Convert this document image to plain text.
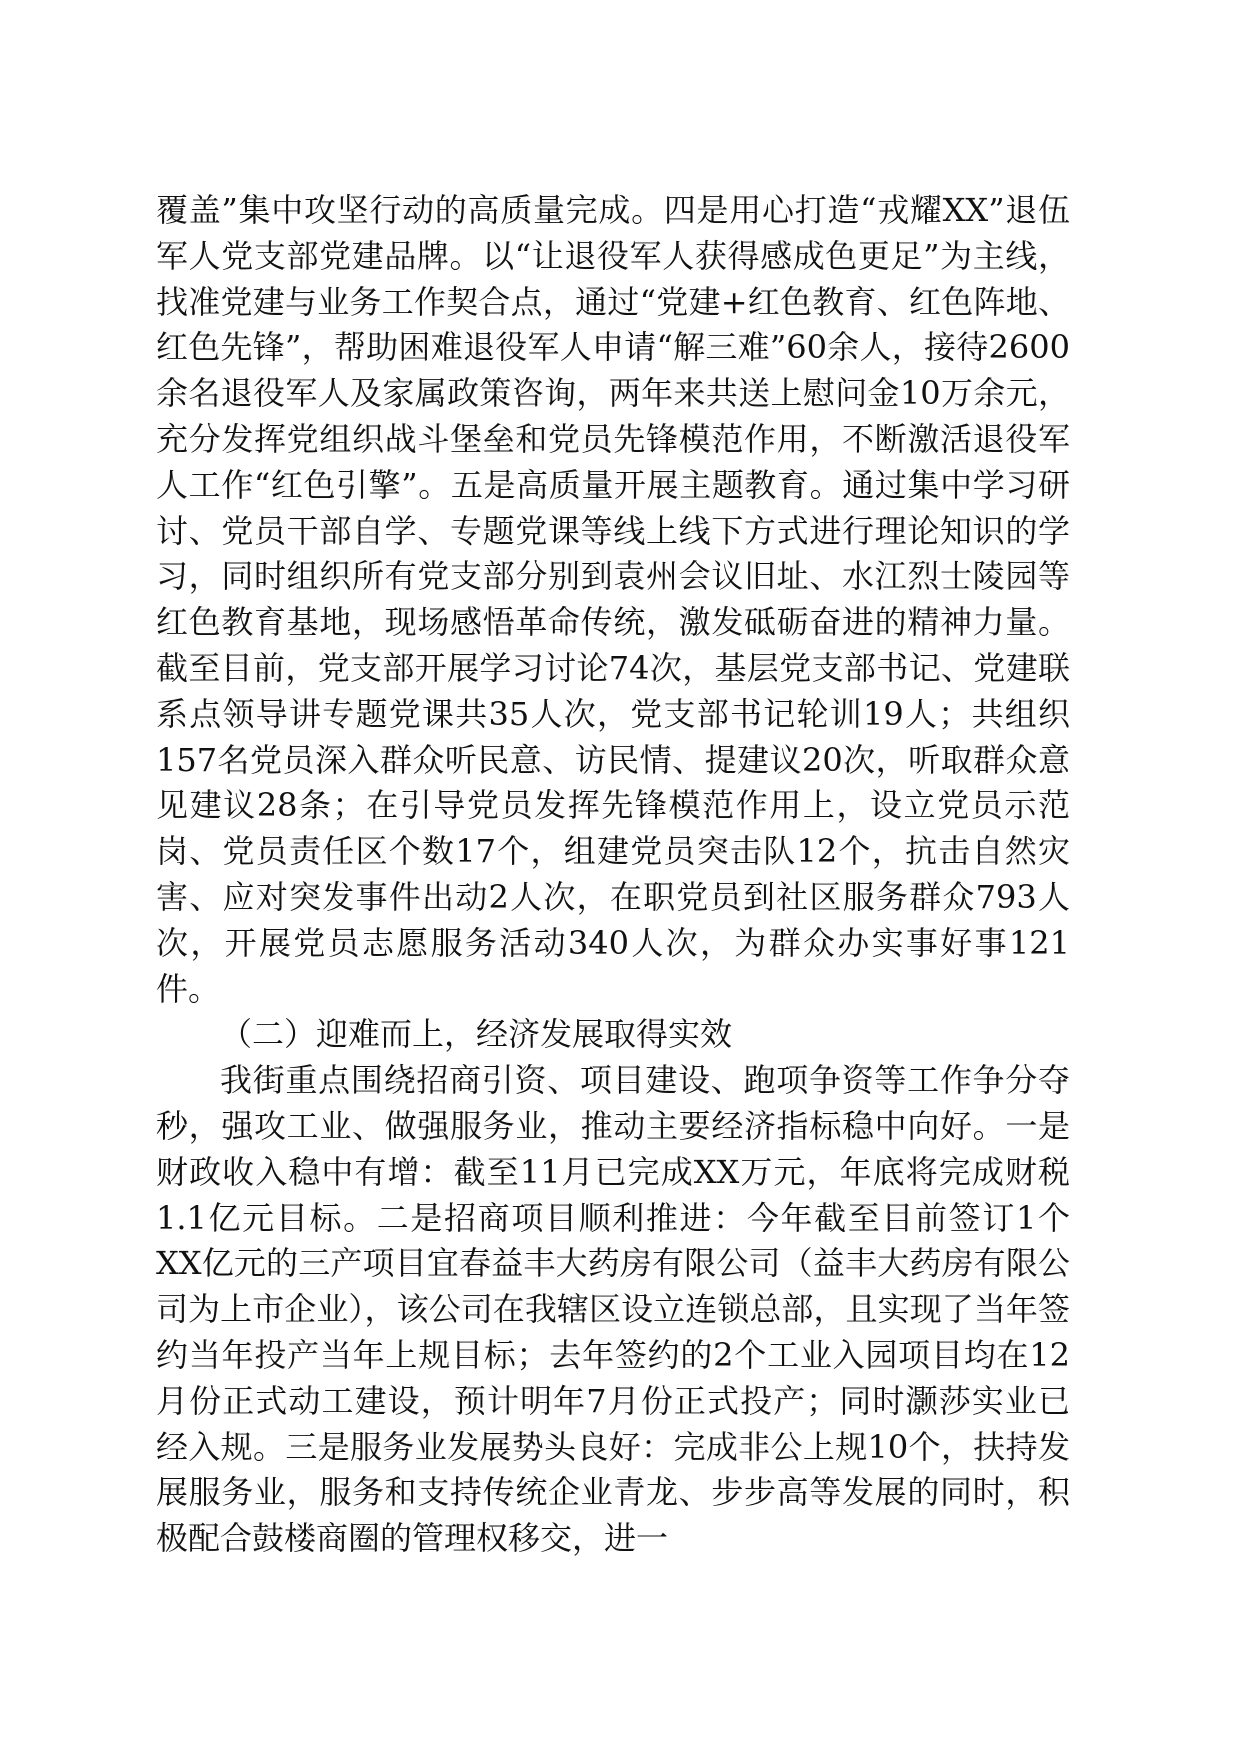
覆盖”集中攻坚行动的高质量完成。四是用心打造“戎耀XX”退伍军人党支部党建品牌。以“让退役军人获得感成色更足”为主线，找准党建与业务工作契合点，通过“党建+红色教育、红色阵地、红色先锋”，帮助困难退役军人申请“解三难”60余人，接待2600余名退役军人及家属政策咨询，两年来共送上慰问金10万余元，充分发挥党组织战斗堡垒和党员先锋模范作用，不断激活退役军人工作“红色引擎”。五是高质量开展主题教育。通过集中学习研讨、党员干部自学、专题党课等线上线下方式进行理论知识的学习，同时组织所有党支部分别到袁州会议旧址、水江烈士陵园等红色教育基地，现场感悟革命传统，激发砥砺奋进的精神力量。截至目前，党支部开展学习讨论74次，基层党支部书记、党建联系点领导讲专题党课共35人次，党支部书记轮训19人；共组织157名党员深入群众听民意、访民情、提建议20次，听取群众意见建议28条；在引导党员发挥先锋模范作用上，设立党员示范岗、党员责任区个数17个，组建党员突击队12个，抗击自然灾害、应对突发事件出动2人次，在职党员到社区服务群众793人次，开展党员志愿服务活动340人次，为群众办实事好事121件。

（二）迎难而上，经济发展取得实效

我街重点围绕招商引资、项目建设、跑项争资等工作争分夺秒，强攻工业、做强服务业，推动主要经济指标稳中向好。一是财政收入稳中有增：截至11月已完成XX万元，年底将完成财税1.1亿元目标。二是招商项目顺利推进：今年截至目前签订1个XX亿元的三产项目宜春益丰大药房有限公司（益丰大药房有限公司为上市企业），该公司在我辖区设立连锁总部，且实现了当年签约当年投产当年上规目标；去年签约的2个工业入园项目均在12月份正式动工建设，预计明年7月份正式投产；同时灏莎实业已经入规。三是服务业发展势头良好：完成非公上规10个，扶持发展服务业，服务和支持传统企业青龙、步步高等发展的同时，积极配合鼓楼商圈的管理权移交，进一
